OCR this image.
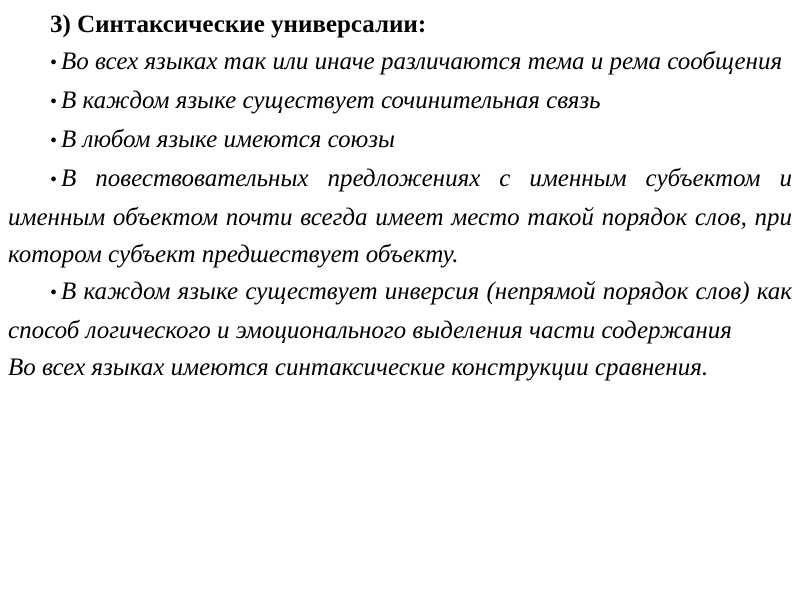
3) Синтаксические универсалии:

• Во всех языках так или иначе различаются тема и рема сообщения

• В каждом языке существует сочинительная связь

• В любом языке имеются союзы

• В повествовательных предложениях с именным субъектом и именным объектом почти всегда имеет место такой порядок слов, при котором субъект предшествует объекту.

• В каждом языке существует инверсия (непрямой порядок слов) как способ логического и эмоционального выделения части содержания

Во всех языках имеются синтаксические конструкции сравнения.
